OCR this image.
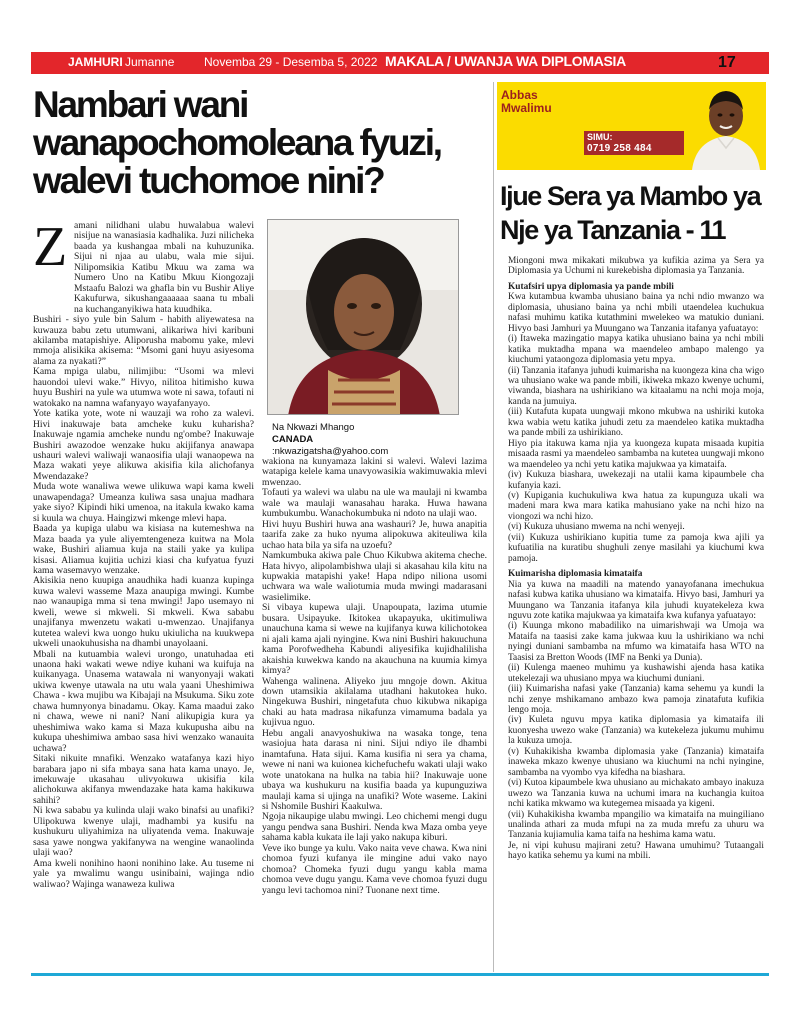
JAMHURI Jumanne Novemba 29 - Desemba 5, 2022 MAKALA / UWANJA WA DIPLOMASIA	17
Nambari wani
wanapochomoleana fyuzi,
walevi tuchomoe nini?
Z amani nilidhani ulabu huwalabua walevi nisijue na wanasiasia kadhalika. Juzi nilicheka baada ya kushangaa mbali na kuhuzunika. Sijui ni njaa au ulabu, wala mie sijui. Nilipomsikia Katibu Mkuu wa zama wa Numero Uno na Katibu Mkuu Kiongozaji Mstaafu Balozi wa ghafla bin vu Bushir Aliye Kakufurwa, sikushangaaaaaa saana tu mbali na kuchanganyikiwa hata kuudhika.

Bushiri - siyo yule bin Salum - habith aliyewatesa na kuwauza babu zetu utumwani, alikariwa hivi karibuni akilamba matapishiye. Aliporusha mabomu yake, mlevi mmoja alisikika akisema: “Msomi gani huyu asiyesoma alama za nyakati?”

Kama mpiga ulabu, nilimjibu: “Usomi wa mlevi hauondoi ulevi wake.” Hivyo, nilitoa hitimisho kuwa huyu Bushiri na yule wa utumwa wote ni sawa, tofauti ni watokako na namna wafanyayo wayafanyayo.

Yote katika yote, wote ni wauzaji wa roho za walevi. Hivi inakuwaje bata amcheke kuku kuharisha? Inakuwaje ngamia amcheke nundu ng'ombe? Inakuwaje Bushiri awazodoe wenzake huku akijifanya anawapa ushauri walevi waliwaji wanaosifia ulaji wanaopewa na Maza wakati yeye alikuwa akisifia kila alichofanya Mwendazake?

Muda wote wanaliwa wewe ulikuwa wapi kama kweli unawapendaga? Umeanza kuliwa sasa unajua madhara yake siyo? Kipindi hiki umenoa, na itakula kwako kama si kuula wa chuya. Haingizwi mkenge mlevi hapa.

Baada ya kupiga ulabu wa kisiasa na kutemeshwa na Maza baada ya yule aliyemtengeneza kuitwa na Mola wake, Bushiri aliamua kuja na staili yake ya kulipa kisasi. Aliamua kujitia uchizi kiasi cha kufyatua fyuzi kama wasemavyo wenzake.

Akisikia neno kuupiga anaudhika hadi kuanza kupinga kuwa walevi wasseme Maza anaupiga mwingi. Kumbe nao wanaupiga mma si tena mwingi! Japo usemayo ni kweli, wewe si mkweli. Si mkweli. Kwa sababu unajifanya mwenzetu wakati u-mwenzao. Unajifanya kutetea walevi kwa uongo huku ukiulicha na kuukwepa ukweli unaokuhusisha na dhambi unayolaani.

Mbali na kutuambia walevi urongo, unatuhadaa eti unaona haki wakati wewe ndiye kuhani wa kuifuja na kuikanyaga. Unasema watawala ni wanyonyaji wakati ukiwa kwenye utawala na utu wala yaani Uheshimiwa Chawa - kwa mujibu wa Kibajaji na Msukuma. Siku zote chawa humnyonya binadamu. Okay. Kama maadui zako ni chawa, wewe ni nani? Nani alikupigia kura ya uheshimiwa wako kama si Maza kukupusha aibu na kukupa uheshimiwa ambao sasa hivi wenzako wanauita uchawa?

Sitaki nikuite mnafiki. Wenzako watafanya kazi hiyo barabara japo ni sifa mbaya sana hata kama unayo. Je, imekuwaje ukasahau ulivyokuwa ukisifia kila alichokuwa akifanya mwendazake hata kama hakikuwa sahihi?

Ni kwa sababu ya kulinda ulaji wako binafsi au unafiki? Ulipokuwa kwenye ulaji, madhambi ya kusifu na kushukuru uliyahimiza na uliyatenda vema. Inakuwaje sasa yawe nongwa yakifanywa na wengine wanaolinda ulaji wao?

Ama kweli nonihino haoni nonihino lake. Au tuseme ni yale ya mwalimu wangu usinibaini, wajinga ndio waliwao? Wajinga wanaweza kuliwa

Na Nkwazi Mhango
CANADA
:nkwazigatsha@yahoo.com

wakiona na kunyamaza lakini si walevi. Walevi lazima watapiga kelele kama unavyowasikia wakimuwakia mlevi mwenzao.

Tofauti ya walevi wa ulabu na ule wa maulaji ni kwamba wale wa maulaji wanasahau haraka. Huwa hawana kumbukumbu. Wanachokumbuka ni ndoto na ulaji wao.

Hivi huyu Bushiri huwa ana washauri? Je, huwa anapitia taarifa zake za huko nyuma alipokuwa akiteuliwa kila uchao hata bila ya sifa na uzoefu?

Namkumbuka akiwa pale Chuo Kikubwa akitema cheche. Hata hivyo, alipolambishwa ulaji si akasahau kila kitu na kupwakia matapishi yake! Hapa ndipo niliona usomi uchwara wa wale waliotumia muda mwingi madarasani wasielimike.

Si vibaya kupewa ulaji. Unapoupata, lazima utumie busara. Usipayuke. Ikitokea ukapayuka, ukitimuliwa unauchuna kama si wewe na kujifanya kuwa kilichotokea ni ajali kama ajali nyingine. Kwa nini Bushiri hakuuchuna kama Porofwedheha Kabundi aliyesifika kujidhalilisha akaishia kuwekwa kando na akauchuna na kuumia kimya kimya?

Wahenga walinena. Aliyeko juu mngoje down. Akitua down utamsikia akilalama utadhani hakutokea huko. Ningekuwa Bushiri, ningetafuta chuo kikubwa nikapiga chaki au hata madrasa nikafunza vimamuma badala ya kujivua nguo.

Hebu angali anavyoshukiwa na wasaka tonge, tena wasiojua hata darasa ni nini. Sijui ndiyo ile dhambi inamtafuna. Hata sijui. Kama kusifia ni sera ya chama, wewe ni nani wa kuionea kichefuchefu wakati ulaji wako wote unatokana na hulka na tabia hii? Inakuwaje uone ubaya wa kushukuru na kusifia baada ya kupunguziwa maulaji kama si ujinga na unafiki? Wote waseme. Lakini si Nshomile Bushiri Kaakulwa.

Ngoja nikaupige ulabu mwingi. Leo chichemi mengi dugu yangu pendwa sana Bushiri. Nenda kwa Maza omba yeye sahama kabla kukata ile laji yako nakupa kiburi.

Veve iko bunge ya kulu. Vako naita veve chawa. Kwa nini chomoa fyuzi kufanya ile mingine adui vako nayo chomoa? Chomeka fyuzi dugu yangu kabla mama chomoa veve dugu yangu. Kama veve chomoa fyuzi dugu yangu levi tachomoa nini? Tuonane next time.

Abbas
Mwalimu
SIMU:
0719 258 484
Ijue Sera ya Mambo ya
Nje ya Tanzania - 11

Miongoni mwa mikakati mikubwa ya kufikia azima ya Sera ya Diplomasia ya Uchumi ni kurekebisha diplomasia ya Tanzania.

Kutafsiri upya diplomasia ya pande mbili

Kwa kutambua kwamba uhusiano baina ya nchi ndio mwanzo wa diplomasia, uhusiano baina ya nchi mbili utaendelea kuchukua nafasi muhimu katika kutathmini mwelekeo wa matukio duniani. Hivyo basi Jamhuri ya Muungano wa Tanzania itafanya yafuatayo:

(i) Itaweka mazingatio mapya katika uhusiano baina ya nchi mbili katika muktadha mpana wa maendeleo ambapo malengo ya kiuchumi yataongoza diplomasia yetu mpya.

(ii) Tanzania itafanya juhudi kuimarisha na kuongeza kina cha wigo wa uhusiano wake wa pande mbili, ikiweka mkazo kwenye uchumi, viwanda, biashara na ushirikiano wa kitaalamu na nchi moja moja, kanda na jumuiya.

(iii) Kutafuta kupata uungwaji mkono mkubwa na ushiriki kutoka kwa wabia wetu katika juhudi zetu za maendeleo katika muktadha wa pande mbili za ushirikiano.

Hiyo pia itakuwa kama njia ya kuongeza kupata misaada kupitia misaada rasmi ya maendeleo sambamba na kutetea uungwaji mkono wa maendeleo ya nchi yetu katika majukwaa ya kimataifa.

(iv) Kukuza biashara, uwekezaji na utalii kama kipaumbele cha kufanyia kazi.

(v) Kupigania kuchukuliwa kwa hatua za kupunguza ukali wa madeni mara kwa mara katika mahusiano yake na nchi hizo na viongozi wa nchi hizo.

(vi) Kukuza uhusiano mwema na nchi wenyeji.

(vii) Kukuza ushirikiano kupitia tume za pamoja kwa ajili ya kufuatilia na kuratibu shughuli zenye masilahi ya kiuchumi kwa pamoja.

Kuimarisha diplomasia kimataifa

Nia ya kuwa na maadili na matendo yanayofanana imechukua nafasi kubwa katika uhusiano wa kimataifa. Hivyo basi, Jamhuri ya Muungano wa Tanzania itafanya kila juhudi kuyatekeleza kwa nguvu zote katika majukwaa ya kimataifa kwa kufanya yafuatayo:

(i) Kuunga mkono mabadiliko na uimarishwaji wa Umoja wa Mataifa na taasisi zake kama jukwaa kuu la ushirikiano wa nchi nyingi duniani sambamba na mfumo wa kimataifa hasa WTO na Taasisi za Bretton Woods (IMF na Benki ya Dunia).

(ii) Kulenga maeneo muhimu ya kushawishi ajenda hasa katika utekelezaji wa uhusiano mpya wa kiuchumi duniani.

(iii) Kuimarisha nafasi yake (Tanzania) kama sehemu ya kundi la nchi zenye mshikamano ambazo kwa pamoja zinatafuta kufikia lengo moja.

(iv) Kuleta nguvu mpya katika diplomasia ya kimataifa ili kuonyesha uwezo wake (Tanzania) wa kutekeleza jukumu muhimu la kukuza umoja.

(v) Kuhakikisha kwamba diplomasia yake (Tanzania) kimataifa inaweka mkazo kwenye uhusiano wa kiuchumi na nchi nyingine, sambamba na vyombo vya kifedha na biashara.

(vi) Kutoa kipaumbele kwa uhusiano au michakato ambayo inakuza uwezo wa Tanzania kuwa na uchumi imara na kuchangia kuitoa nchi katika mkwamo wa kutegemea misaada ya kigeni.

(vii) Kuhakikisha kwamba mpangilio wa kimataifa na muingiliano unalinda athari za muda mfupi na za muda mrefu za uhuru wa Tanzania kujiamulia kama taifa na heshima kama watu.

Je, ni vipi kuhusu majirani zetu? Hawana umuhimu? Tutaangali hayo katika sehemu ya kumi na mbili.
